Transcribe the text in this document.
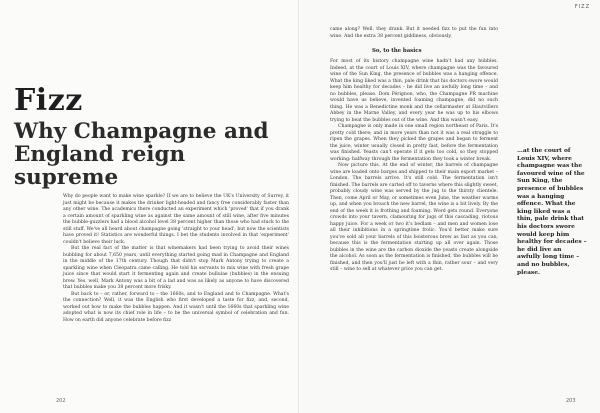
Fizz
Why Champagne and England reign supreme
202

Why do people want to make wine sparkle? If we are to believe the UK's University of Surrey, it just might be because it makes the drinker light-headed and fancy free considerably faster than any other wine. The academics there conducted an experiment which 'proved' that if you drank a certain amount of sparkling wine as against the same amount of still wine, after five minutes the bubble-guzzlers had a blood alcohol level 38 percent higher than those who had stuck to the still stuff. We've all heard about champagne going 'straight to your head', but now the scientists have proved it! Statistics are wonderful things. I bet the students involved in that 'experiment' couldn't believe their luck.

But the real fact of the matter is that winemakers had been trying to avoid their wines bubbling for about 7,650 years, until everything started going mad in Champagne and England in the middle of the 17th century. Though that didn't stop Mark Antony trying to create a sparkling wine when Cleopatra came calling. He told his servants to mix wine with fresh grape juice since that would start it fermenting again and create bullulae (bubbles) in the ensuing brew. Yes, well, Mark Antony was a bit of a lad and was as likely as anyone to have discovered that bubbles make you 38 percent more frisky.

But back to – or, rather, forward to – the 1660s, and to England and to Champagne. What's the connection? Well, it was the English who first developed a taste for fizz, and, second, worked out how to make the bubbles happen. And it wasn't until the 1660s that sparkling wine adopted what is now its chief role in life – to be the universal symbol of celebration and fun. How on earth did anyone celebrate before fizz

FIZZ
203

came along? Well, they drank. But it needed fizz to put the fun into wine. And the extra 38 percent giddiness, obviously.

So, to the basics

For most of its history champagne wine hadn't had any bubbles. Indeed, at the court of Louis XIV, where champagne was the favoured wine of the Sun King, the presence of bubbles was a hanging offence. What the king liked was a thin, pale drink that his doctors swore would keep him healthy for decades – he did live an awfully long time – and no bubbles, please. Dom Pérignon, who, the Champagne PR machine would have us believe, invented foaming champagne, did no such thing. He was a Benedictine monk and the cellarmaster at Hautvillers Abbey in the Marne Valley, and every year he was up to his elbows trying to beat the bubbles out of the wine. And this wasn't easy.

Champagne is only made in one small region northeast of Paris. It's pretty cold there; and in more years than not it was a real struggle to ripen the grapes. When they picked the grapes and began to ferment the juice, winter usually closed in pretty fast, before the fermentation was finished. Yeasts can't operate if it gets too cold, so they stopped working: halfway through the fermentation they took a winter break.

Now picture this. At the end of winter, the barrels of champagne wine are loaded onto barges and shipped to their main export market – London. The barrels arrive. It's still cold. The fermentation isn't finished. The barrels are carted off to taverns where this slightly sweet, probably cloudy wine was served by the jug to the thirsty clientele. Then, come April or May, or sometimes even June, the weather warms up, and when you broach the new barrel, the wine is a bit lively. By the end of the week it is frothing and foaming. Word gets round. Everyone crowds into your tavern, clamouring for jugs of this cascading, riotous happy juice. For a week or two it's bedlam – and men and women lose all their inhibitions in a springtime frolic. You'd better make sure you've sold all your barrels of this boisterous brew as fast as you can, because this is the fermentation starting up all over again. Those bubbles in the wine are the carbon dioxide the yeasts create alongside the alcohol. As soon as the fermentation is finished, the bubbles will be finished, and then you'll just be left with a thin, rather sour – and very still – wine to sell at whatever price you can get.

…at the court of Louis XIV, where champagne was the favoured wine of the Sun King, the presence of bubbles was a hanging offence. What the king liked was a thin, pale drink that his doctors swore would keep him healthy for decades – he did live an awfully long time – and no bubbles, please.
